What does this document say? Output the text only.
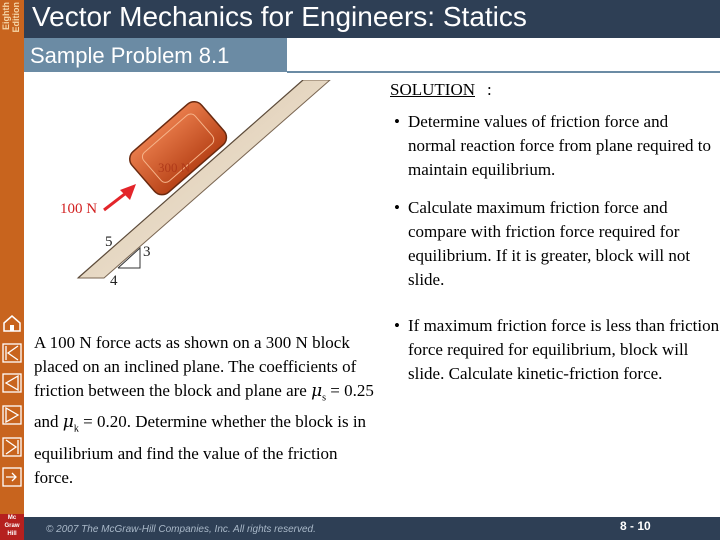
Eighth Edition
Mc Graw Hill
Vector Mechanics for Engineers: Statics
Sample Problem 8.1
300 N
100 N
5
3
4
A 100 N force acts as shown on a 300 N block placed on an inclined plane. The coefficients of friction between the block and plane are $\mu_s = 0.25$ and $\mu_k = 0.20$. Determine whether the block is in equilibrium and find the value of the friction force.
SOLUTION :
• Determine values of friction force and normal reaction force from plane required to maintain equilibrium.
• Calculate maximum friction force and compare with friction force required for equilibrium. If it is greater, block will not slide.
• If maximum friction force is less than friction force required for equilibrium, block will slide. Calculate kinetic-friction force.
© 2007 The McGraw-Hill Companies, Inc. All rights reserved.	8 - 10
